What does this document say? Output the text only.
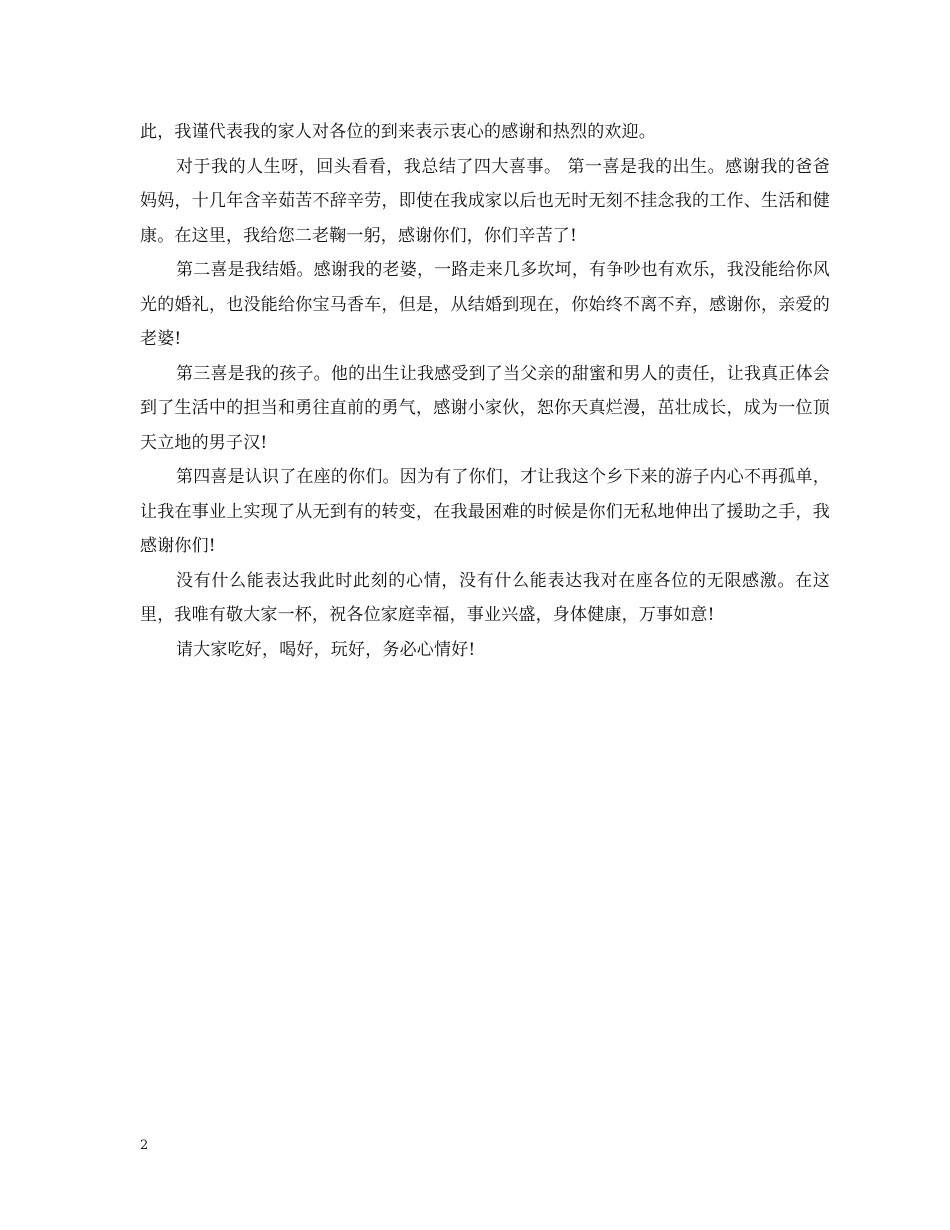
此，我谨代表我的家人对各位的到来表示衷心的感谢和热烈的欢迎。

对于我的人生呀，回头看看，我总结了四大喜事。 第一喜是我的出生。感谢我的爸爸妈妈，十几年含辛茹苦不辞辛劳，即使在我成家以后也无时无刻不挂念我的工作、生活和健康。在这里，我给您二老鞠一躬，感谢你们，你们辛苦了!

第二喜是我结婚。感谢我的老婆，一路走来几多坎坷，有争吵也有欢乐，我没能给你风光的婚礼，也没能给你宝马香车，但是，从结婚到现在，你始终不离不弃，感谢你，亲爱的老婆!

第三喜是我的孩子。他的出生让我感受到了当父亲的甜蜜和男人的责任，让我真正体会到了生活中的担当和勇往直前的勇气，感谢小家伙，恕你天真烂漫，茁壮成长，成为一位顶天立地的男子汉!

第四喜是认识了在座的你们。因为有了你们，才让我这个乡下来的游子内心不再孤单，让我在事业上实现了从无到有的转变，在我最困难的时候是你们无私地伸出了援助之手，我感谢你们!

没有什么能表达我此时此刻的心情，没有什么能表达我对在座各位的无限感激。在这里，我唯有敬大家一杯，祝各位家庭幸福，事业兴盛，身体健康，万事如意!

请大家吃好，喝好，玩好，务必心情好!

2
